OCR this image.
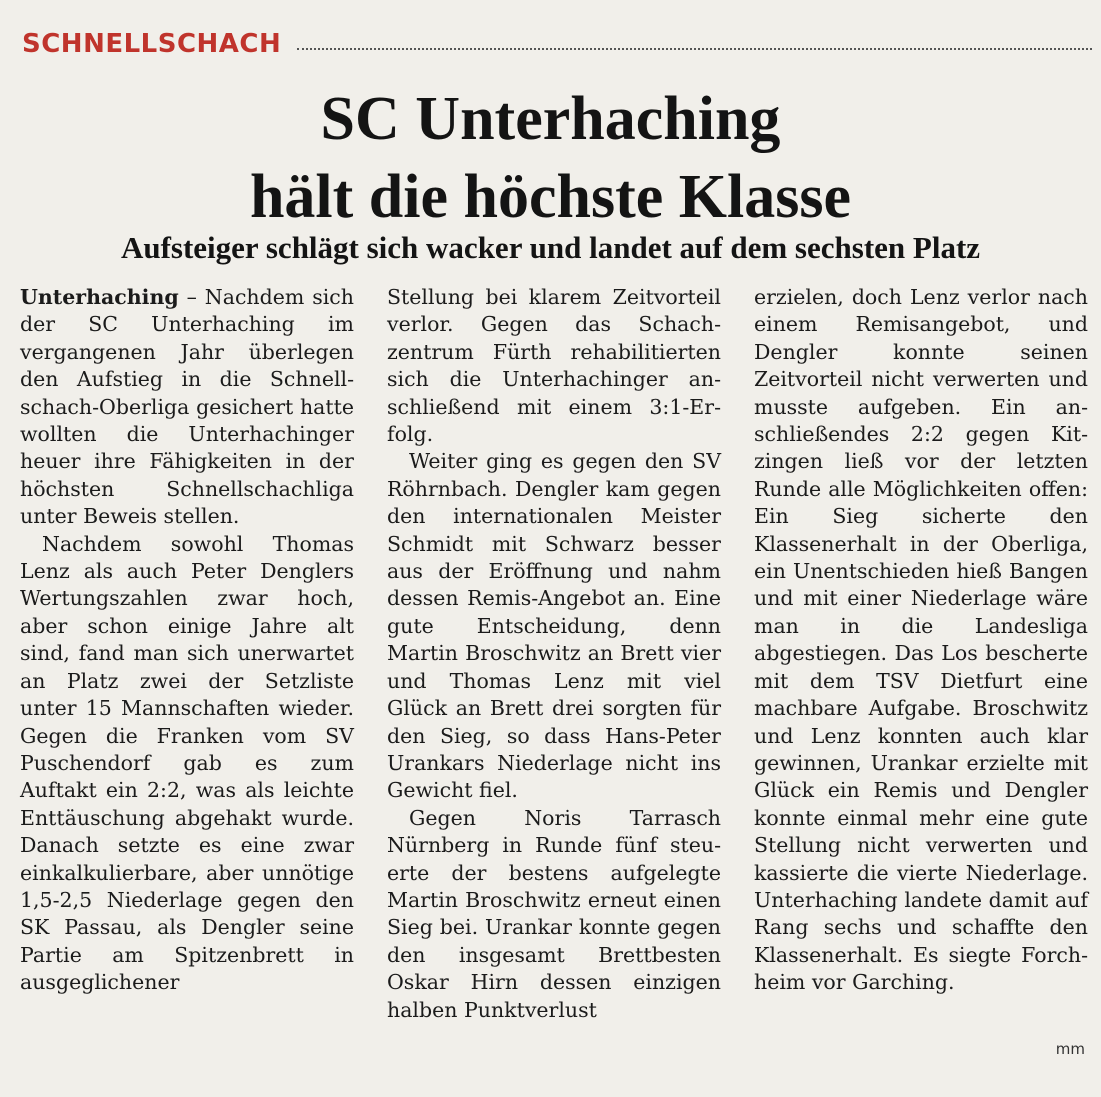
SCHNELLSCHACH
SC Unterhaching
hält die höchste Klasse
Aufsteiger schlägt sich wacker und landet auf dem sechsten Platz

Unterhaching – Nachdem sich der SC Unterhaching im vergangenen Jahr überlegen den Aufstieg in die Schnellschach-Oberliga gesichert hatte wollten die Unterhachinger heuer ihre Fähigkeiten in der höchsten Schnellschachliga unter Beweis stellen.

Nachdem sowohl Thomas Lenz als auch Peter Denglers Wertungszahlen zwar hoch, aber schon einige Jahre alt sind, fand man sich unerwartet an Platz zwei der Setzliste unter 15 Mannschaften wieder. Gegen die Franken vom SV Puschendorf gab es zum Auftakt ein 2:2, was als leichte Enttäuschung abgehakt wurde. Danach setzte es eine zwar einkalkulierbare, aber unnötige 1,5-2,5 Niederlage gegen den SK Passau, als Dengler seine Partie am Spitzenbrett in ausgeglichener

Stellung bei klarem Zeitvorteil verlor. Gegen das Schachzentrum Fürth rehabilitierten sich die Unterhachinger anschließend mit einem 3:1-Erfolg.

Weiter ging es gegen den SV Röhrnbach. Dengler kam gegen den internationalen Meister Schmidt mit Schwarz besser aus der Eröffnung und nahm dessen Remis-Angebot an. Eine gute Entscheidung, denn Martin Broschwitz an Brett vier und Thomas Lenz mit viel Glück an Brett drei sorgten für den Sieg, so dass Hans-Peter Urankars Niederlage nicht ins Gewicht fiel.

Gegen Noris Tarrasch Nürnberg in Runde fünf steuerte der bestens aufgelegte Martin Broschwitz erneut einen Sieg bei. Urankar konnte gegen den insgesamt Brettbesten Oskar Hirn dessen einzigen halben Punktverlust

erzielen, doch Lenz verlor nach einem Remisangebot, und Dengler konnte seinen Zeitvorteil nicht verwerten und musste aufgeben. Ein anschließendes 2:2 gegen Kitzingen ließ vor der letzten Runde alle Möglichkeiten offen: Ein Sieg sicherte den Klassenerhalt in der Oberliga, ein Unentschieden hieß Bangen und mit einer Niederlage wäre man in die Landesliga abgestiegen. Das Los bescherte mit dem TSV Dietfurt eine machbare Aufgabe. Broschwitz und Lenz konnten auch klar gewinnen, Urankar erzielte mit Glück ein Remis und Dengler konnte einmal mehr eine gute Stellung nicht verwerten und kassierte die vierte Niederlage. Unterhaching landete damit auf Rang sechs und schaffte den Klassenerhalt. Es siegte Forchheim vor Garching.

mm
